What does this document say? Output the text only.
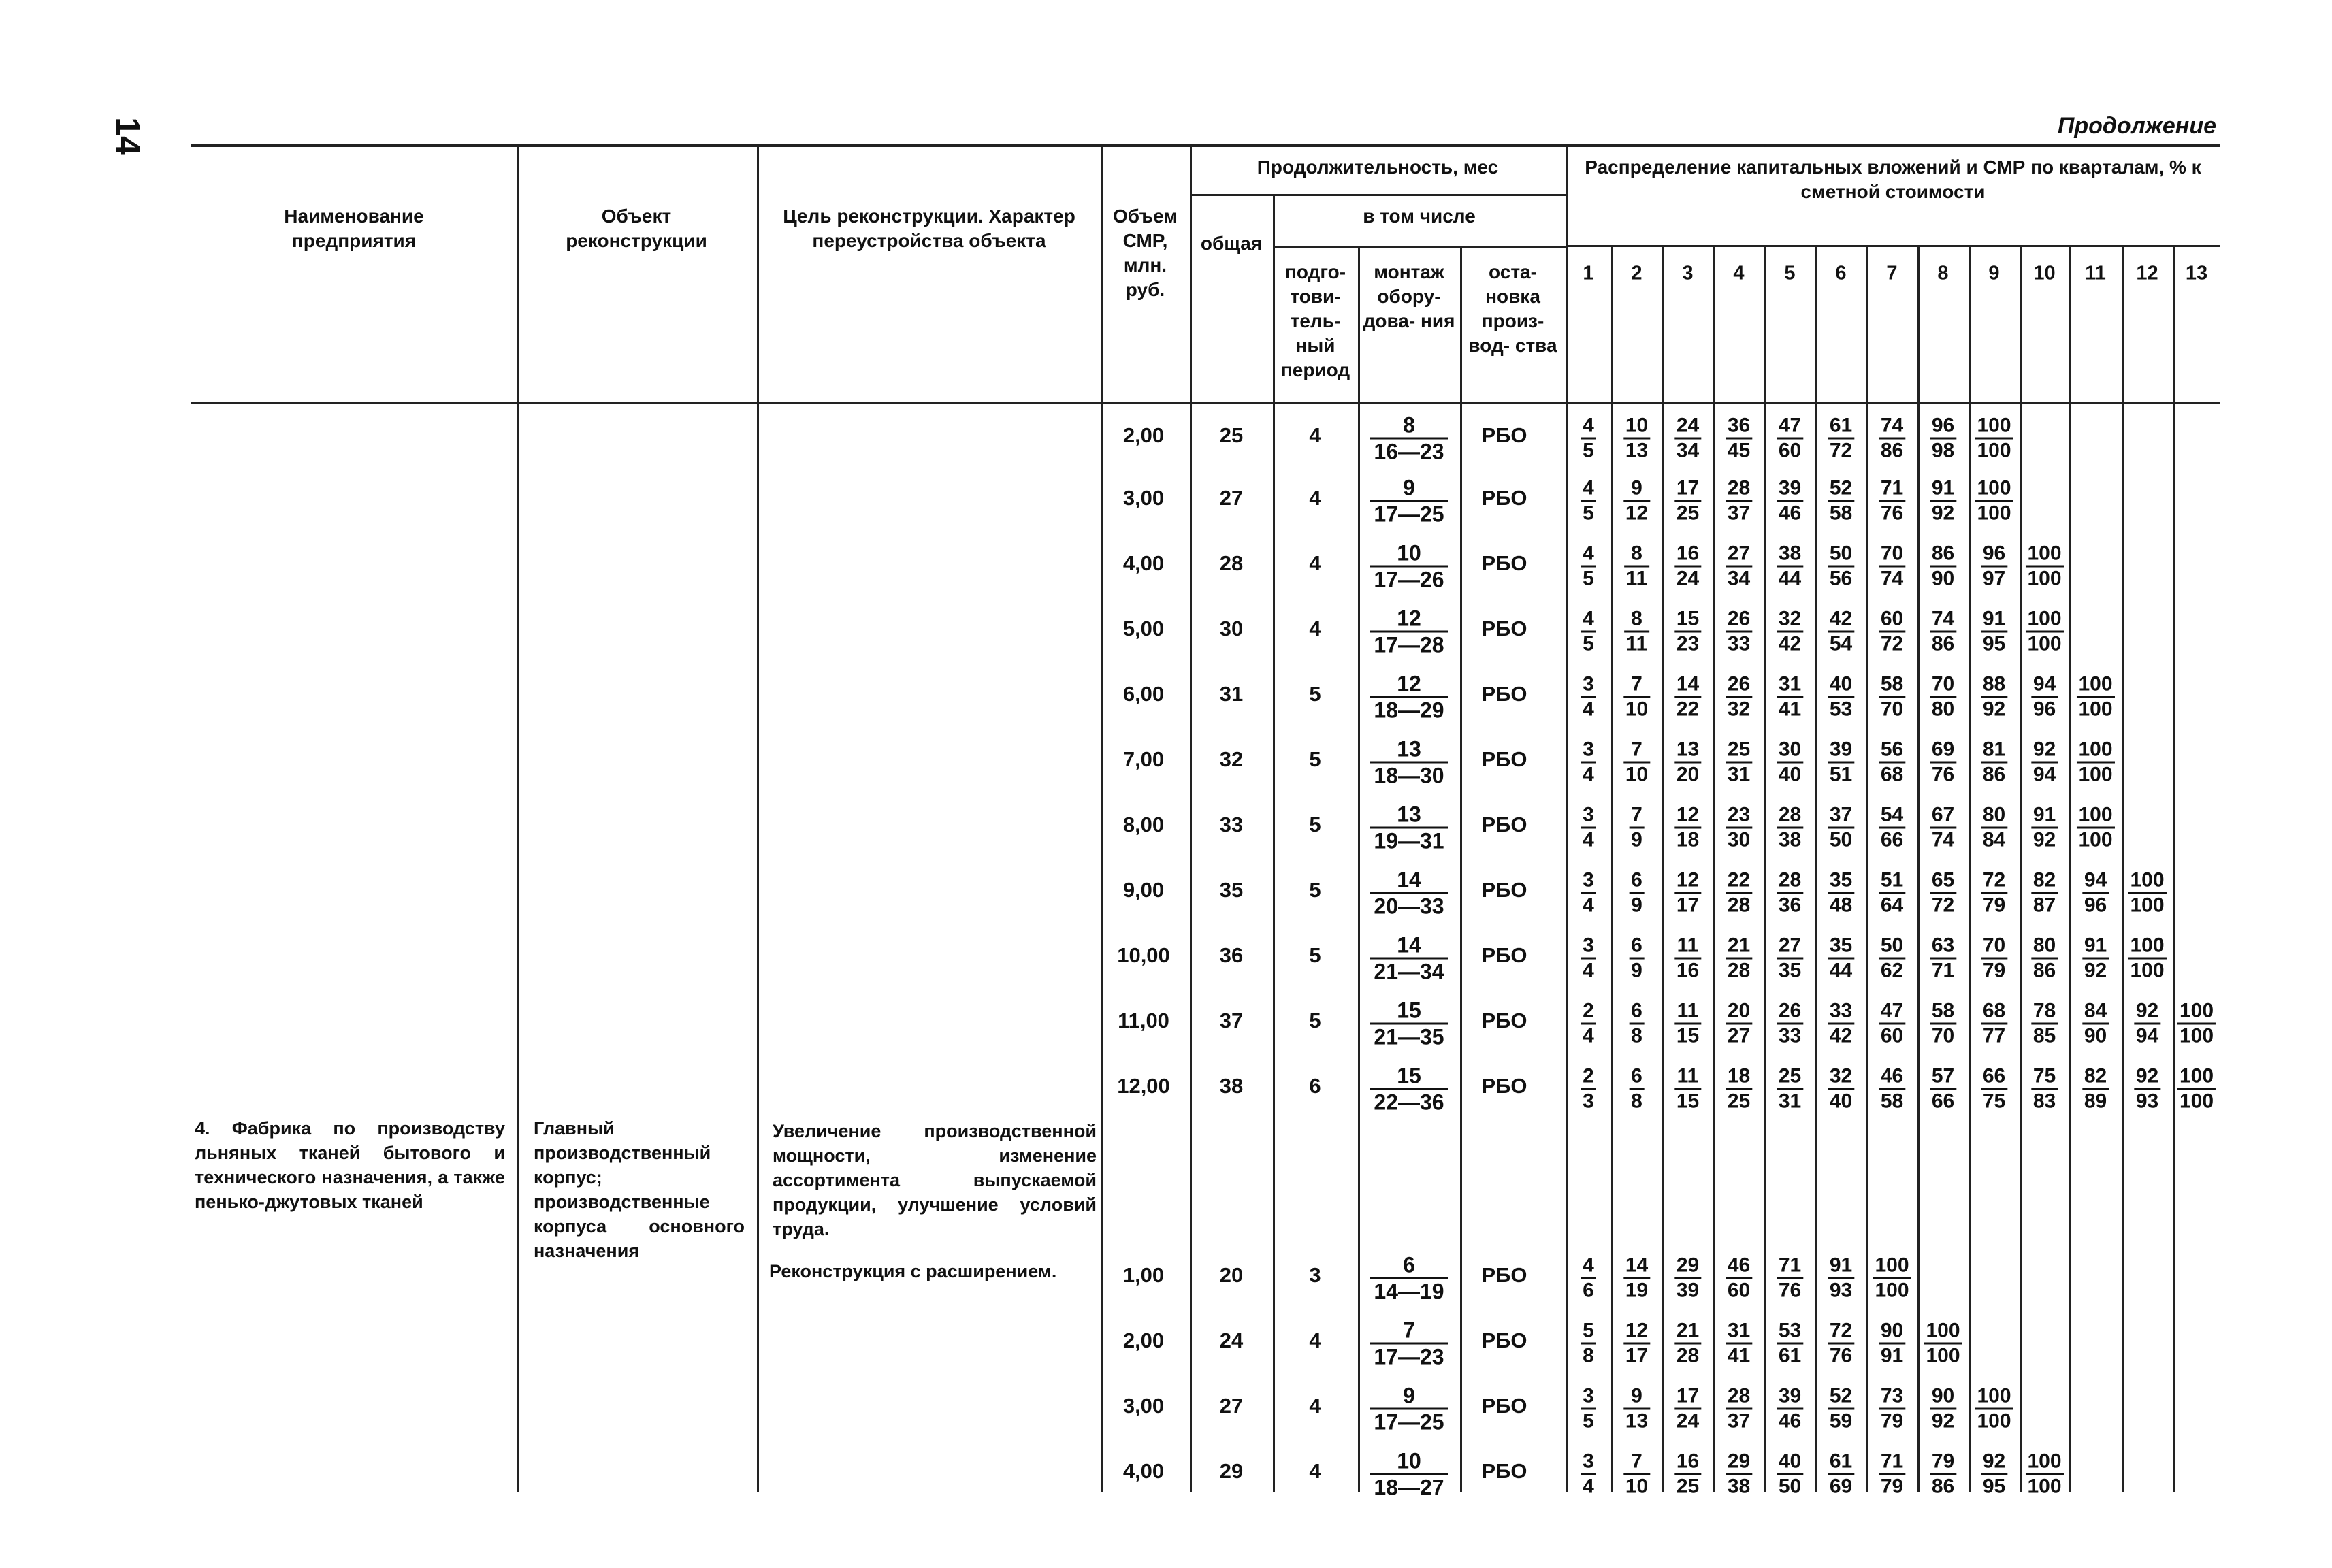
14	Продолжение
Наименование предприятия
Объект реконструкции
Цель реконструкции. Характер переустройства объекта
Объем СМР, млн. руб.
Продолжительность, мес
общая
в том числе
подго- тови- тель- ный период
монтаж обору- дова- ния
оста- новка произ- вод- ства
Распределение капитальных вложений и СМР по кварталам, % к сметной стоимости
1 2 3 4 5 6 7 8 9 10 11 12 13
4. Фабрика по производству льняных тканей бытового и технического назначения, а также пенько-джутовых тканей
Главный производственный корпус; производственные корпуса основного назначения
Увеличение производственной мощности, изменение ассортимента выпускаемой продукции, улучшение условий труда.
Реконструкция с расширением.
2,00	25	$4 \frac{8}{16—23}$ РБО	$\frac{4}{5} \frac{10}{13} \frac{24}{34} \frac{36}{45} \frac{47}{60} \frac{61}{72} \frac{74}{86} \frac{96}{98} \frac{100}{100}$
3,00	27	$4 \frac{9}{17—25}$ РБО	$\frac{4}{5} \frac{9}{12} \frac{17}{25} \frac{28}{37} \frac{39}{46} \frac{52}{58} \frac{71}{76} \frac{91}{92} \frac{100}{100}$
4,00	28	$4 \frac{10}{17—26}$ РБО	$\frac{4}{5} \frac{8}{11} \frac{16}{24} \frac{27}{34} \frac{38}{44} \frac{50}{56} \frac{70}{74} \frac{86}{90} \frac{96}{97} \frac{100}{100}$
5,00	30	$4 \frac{12}{17—28}$ РБО	$\frac{4}{5} \frac{8}{11} \frac{15}{23} \frac{26}{33} \frac{32}{42} \frac{42}{54} \frac{60}{72} \frac{74}{86} \frac{91}{95} \frac{100}{100}$
6,00	31	$5 \frac{12}{18—29}$ РБО	$\frac{3}{4} \frac{7}{10} \frac{14}{22} \frac{26}{32} \frac{31}{41} \frac{40}{53} \frac{58}{70} \frac{70}{80} \frac{88}{92} \frac{94}{96} \frac{100}{100}$
7,00	32	$5 \frac{13}{18—30}$ РБО	$\frac{3}{4} \frac{7}{10} \frac{13}{20} \frac{25}{31} \frac{30}{40} \frac{39}{51} \frac{56}{68} \frac{69}{76} \frac{81}{86} \frac{92}{94} \frac{100}{100}$
8,00	33	$5 \frac{13}{19—31}$ РБО	$\frac{3}{4} \frac{7}{9} \frac{12}{18} \frac{23}{30} \frac{28}{38} \frac{37}{50} \frac{54}{66} \frac{67}{74} \frac{80}{84} \frac{91}{92} \frac{100}{100}$
9,00	35	$5 \frac{14}{20—33}$ РБО	$\frac{3}{4} \frac{6}{9} \frac{12}{17} \frac{22}{28} \frac{28}{36} \frac{35}{48} \frac{51}{64} \frac{65}{72} \frac{72}{79} \frac{82}{87} \frac{94}{96} \frac{100}{100}$
10,00 36	$5 \frac{14}{21—34}$ РБО	$\frac{3}{4} \frac{6}{9} \frac{11}{16} \frac{21}{28} \frac{27}{35} \frac{35}{44} \frac{50}{62} \frac{63}{71} \frac{70}{79} \frac{80}{86} \frac{91}{92} \frac{100}{100}$
11,00 37	$5 \frac{15}{21—35}$ РБО	$\frac{2}{4} \frac{6}{8} \frac{11}{15} \frac{20}{27} \frac{26}{33} \frac{33}{42} \frac{47}{60} \frac{58}{70} \frac{68}{77} \frac{78}{85} \frac{84}{90} \frac{92}{94} \frac{100}{100}$
12,00 38	$6 \frac{15}{22—36}$ РБО	$\frac{2}{3} \frac{6}{8} \frac{11}{15} \frac{18}{25} \frac{25}{31} \frac{32}{40} \frac{46}{58} \frac{57}{66} \frac{66}{75} \frac{75}{83} \frac{82}{89} \frac{92}{93} \frac{100}{100}$
1,00	20	$3 \frac{6}{14—19}$ РБО	$\frac{4}{6} \frac{14}{19} \frac{29}{39} \frac{46}{60} \frac{71}{76} \frac{91}{93} \frac{100}{100}$
2,00	24	$4 \frac{7}{17—23}$ РБО	$\frac{5}{8} \frac{12}{17} \frac{21}{28} \frac{31}{41} \frac{53}{61} \frac{72}{76} \frac{90}{91} \frac{100}{100}$
3,00	27	$4 \frac{9}{17—25}$ РБО	$\frac{3}{5} \frac{9}{13} \frac{17}{24} \frac{28}{37} \frac{39}{46} \frac{52}{59} \frac{73}{79} \frac{90}{92} \frac{100}{100}$
4,00	29	$4 \frac{10}{18—27}$ РБО	$\frac{3}{4} \frac{7}{10} \frac{16}{25} \frac{29}{38} \frac{40}{50} \frac{61}{69} \frac{71}{79} \frac{79}{86} \frac{92}{95} \frac{100}{100}$
